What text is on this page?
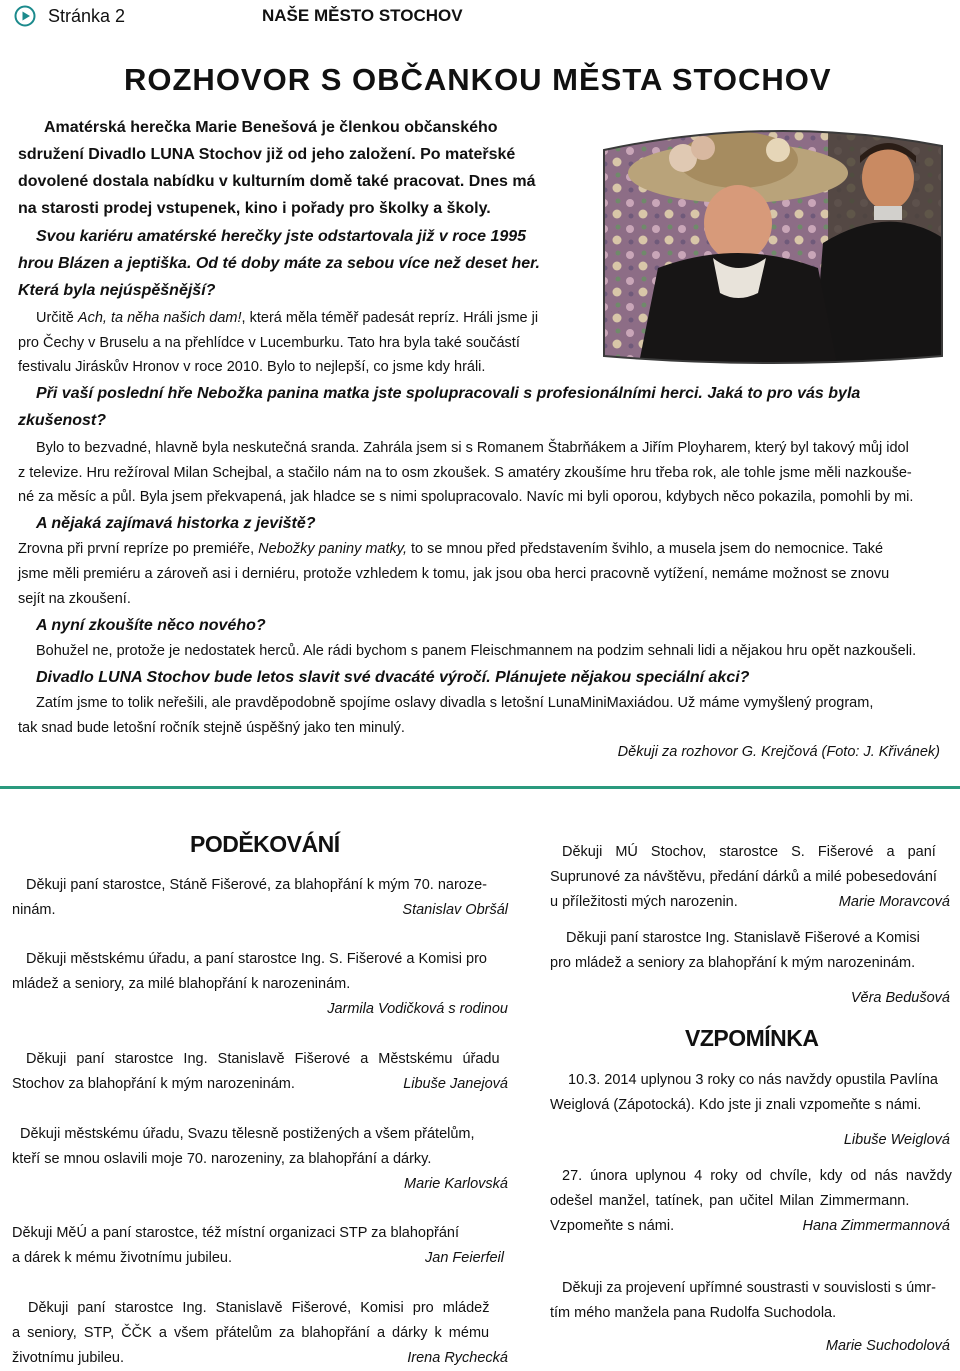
Stránka 2	NAŠE MĚSTO STOCHOV
ROZHOVOR S OBČANKOU MĚSTA STOCHOV
Amatérská herečka Marie Benešová je členkou občanského
sdružení Divadlo LUNA Stochov již od jeho založení. Po mateřské
dovolené dostala nabídku v kulturním domě také pracovat. Dnes má
na starosti prodej vstupenek, kino i pořady pro školky a školy.
Svou kariéru amatérské herečky jste odstartovala již v roce 1995
hrou Blázen a jeptiška. Od té doby máte za sebou více než deset her.
Která byla nejúspěšnější?
Určitě Ach, ta něha našich dam!, která měla téměř padesát repríz. Hráli jsme ji
pro Čechy v Bruselu a na přehlídce v Lucemburku. Tato hra byla také součástí
festivalu Jiráskův Hronov v roce 2010. Bylo to nejlepší, co jsme kdy hráli.
Při vaší poslední hře Nebožka panina matka jste spolupracovali s profesionálními herci. Jaká to pro vás byla
zkušenost?
Bylo to bezvadné, hlavně byla neskutečná sranda. Zahrála jsem si s Romanem Štabrňákem a Jiřím Ployharem, který byl takový můj idol
z televize. Hru režíroval Milan Schejbal, a stačilo nám na to osm zkoušek. S amatéry zkoušíme hru třeba rok, ale tohle jsme měli nazkouše-
né za měsíc a půl. Byla jsem překvapená, jak hladce se s nimi spolupracovalo. Navíc mi byli oporou, kdybych něco pokazila, pomohli by mi.
A nějaká zajímavá historka z jeviště?
Zrovna při první repríze po premiéře, Nebožky paniny matky, to se mnou před představením švihlo, a musela jsem do nemocnice. Také
jsme měli premiéru a zároveň asi i derniéru, protože vzhledem k tomu, jak jsou oba herci pracovně vytížení, nemáme možnost se znovu
sejít na zkoušení.
A nyní zkoušíte něco nového?
Bohužel ne, protože je nedostatek herců. Ale rádi bychom s panem Fleischmannem na podzim sehnali lidi a nějakou hru opět nazkoušeli.
Divadlo LUNA Stochov bude letos slavit své dvacáté výročí. Plánujete nějakou speciální akci?
Zatím jsme to tolik neřešili, ale pravděpodobně spojíme oslavy divadla s letošní LunaMiniMaxiádou. Už máme vymyšlený program,
tak snad bude letošní ročník stejně úspěšný jako ten minulý.
Děkuji za rozhovor G. Krejčová (Foto: J. Křivánek)
PODĚKOVÁNÍ
Děkuji paní starostce, Stáně Fišerové, za blahopřání k mým 70. naroze-
ninám.	Stanislav Obršál
Děkuji městskému úřadu, a paní starostce Ing. S. Fišerové a Komisi pro
mládež a seniory, za milé blahopřání k narozeninám.
Jarmila Vodičková s rodinou
Děkuji paní starostce Ing. Stanislavě Fišerové a Městskému úřadu
Stochov za blahopřání k mým narozeninám.	Libuše Janejová
Děkuji městskému úřadu, Svazu tělesně postižených a všem přátelům,
kteří se mnou oslavili moje 70. narozeniny, za blahopřání a dárky.
Marie Karlovská
Děkuji MěÚ a paní starostce, též místní organizaci STP za blahopřání
a dárek k mému životnímu jubileu.	Jan Feierfeil
Děkuji paní starostce Ing. Stanislavě Fišerové, Komisi pro mládež
a seniory, STP, ČČK a všem přátelům za blahopřání a dárky k mému
životnímu jubileu.	Irena Rychecká
Děkuji MÚ Stochov, starostce S. Fišerové a paní
Suprunové za návštěvu, předání dárků a milé pobesedování
u příležitosti mých narozenin.	Marie Moravcová
Děkuji paní starostce Ing. Stanislavě Fišerové a Komisi
pro mládež a seniory za blahopřání k mým narozeninám.
Věra Bedušová
VZPOMÍNKA
10.3. 2014 uplynou 3 roky co nás navždy opustila Pavlína
Weiglová (Zápotocká). Kdo jste ji znali vzpomeňte s námi.
Libuše Weiglová
27. února uplynou 4 roky od chvíle, kdy od nás navždy
odešel manžel, tatínek, pan učitel Milan Zimmermann.
Vzpomeňte s námi.	Hana Zimmermannová
Děkuji za projevení upřímné soustrasti v souvislosti s úmr-
tím mého manžela pana Rudolfa Suchodola.
Marie Suchodolová
